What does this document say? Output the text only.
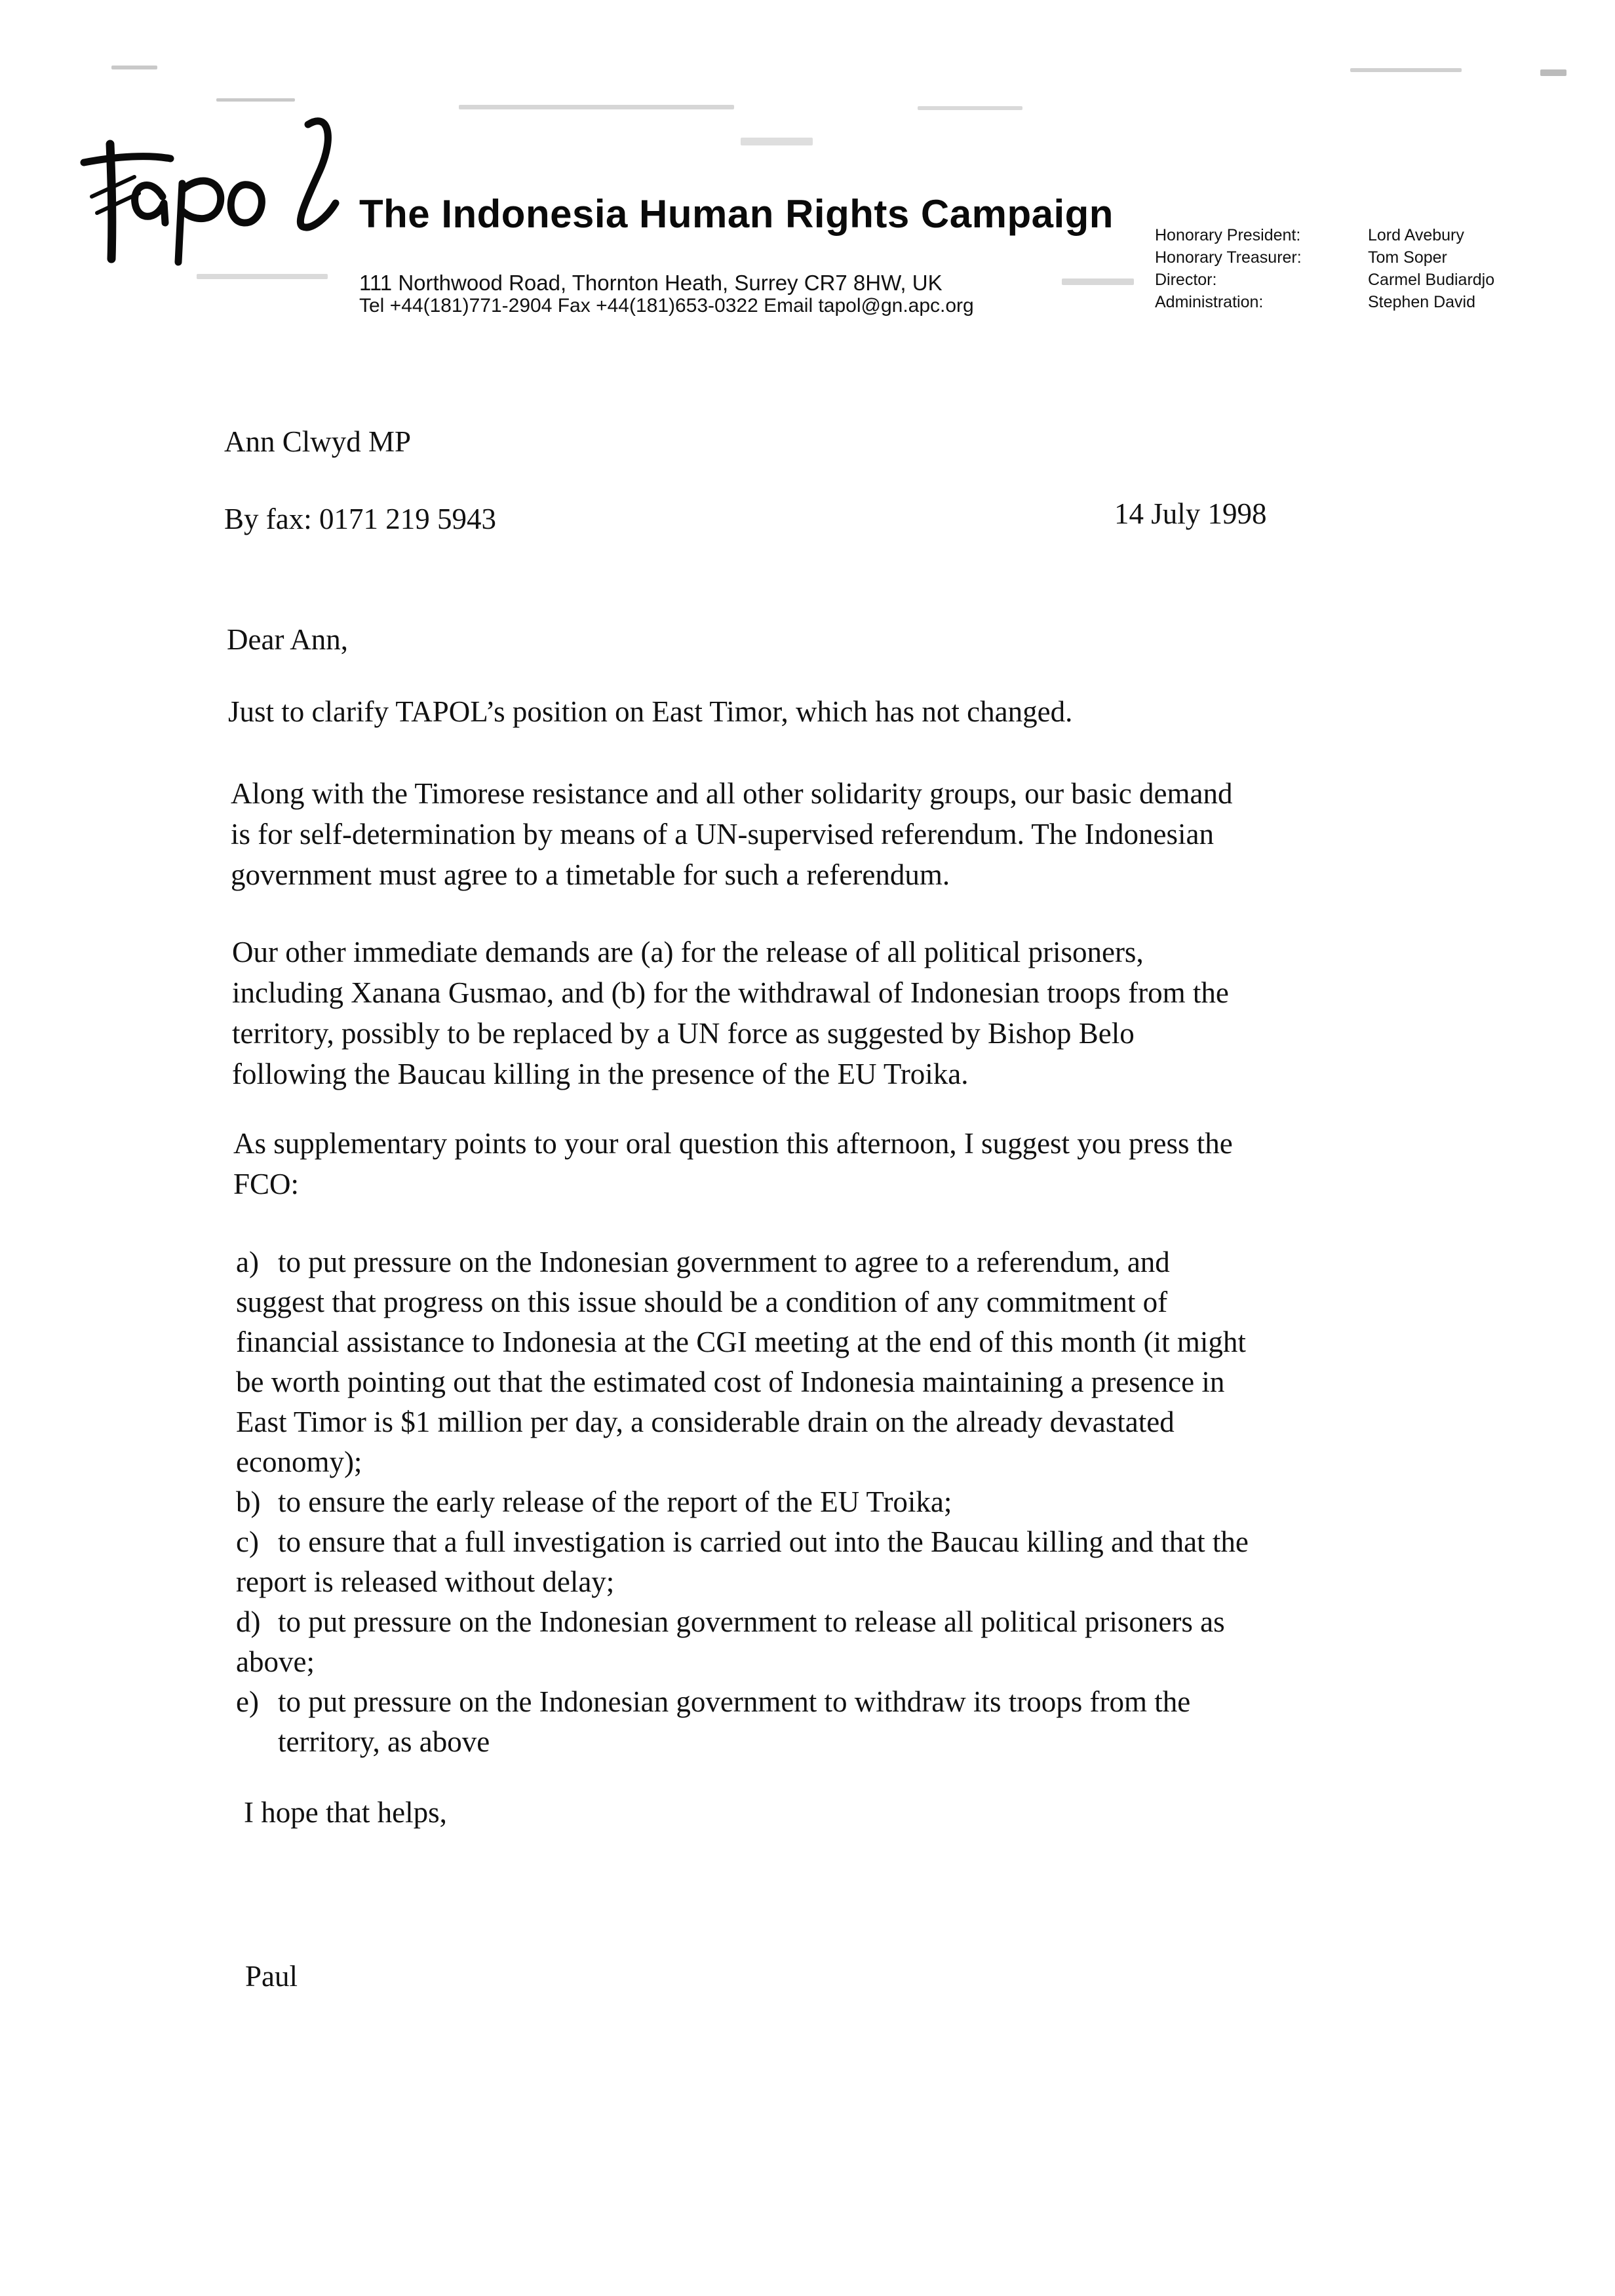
The Indonesia Human Rights Campaign
111 Northwood Road, Thornton Heath, Surrey CR7 8HW, UK
Tel +44(181)771-2904 Fax +44(181)653-0322 Email tapol@gn.apc.org
Honorary President:	Lord Avebury
Honorary Treasurer:	Tom Soper
Director:	Carmel Budiardjo
Administration:	Stephen David
Ann Clwyd MP
By fax: 0171 219 5943	14 July 1998
Dear Ann,
Just to clarify TAPOL’s position on East Timor, which has not changed.
Along with the Timorese resistance and all other solidarity groups, our basic demand
is for self-determination by means of a UN-supervised referendum. The Indonesian
government must agree to a timetable for such a referendum.
Our other immediate demands are (a) for the release of all political prisoners,
including Xanana Gusmao, and (b) for the withdrawal of Indonesian troops from the
territory, possibly to be replaced by a UN force as suggested by Bishop Belo
following the Baucau killing in the presence of the EU Troika.
As supplementary points to your oral question this afternoon, I suggest you press the
FCO:
a) to put pressure on the Indonesian government to agree to a referendum, and
suggest that progress on this issue should be a condition of any commitment of
financial assistance to Indonesia at the CGI meeting at the end of this month (it might
be worth pointing out that the estimated cost of Indonesia maintaining a presence in
East Timor is $1 million per day, a considerable drain on the already devastated
economy);
b) to ensure the early release of the report of the EU Troika;
c) to ensure that a full investigation is carried out into the Baucau killing and that the
report is released without delay;
d) to put pressure on the Indonesian government to release all political prisoners as
above;
e) to put pressure on the Indonesian government to withdraw its troops from the
territory, as above
I hope that helps,
Paul
